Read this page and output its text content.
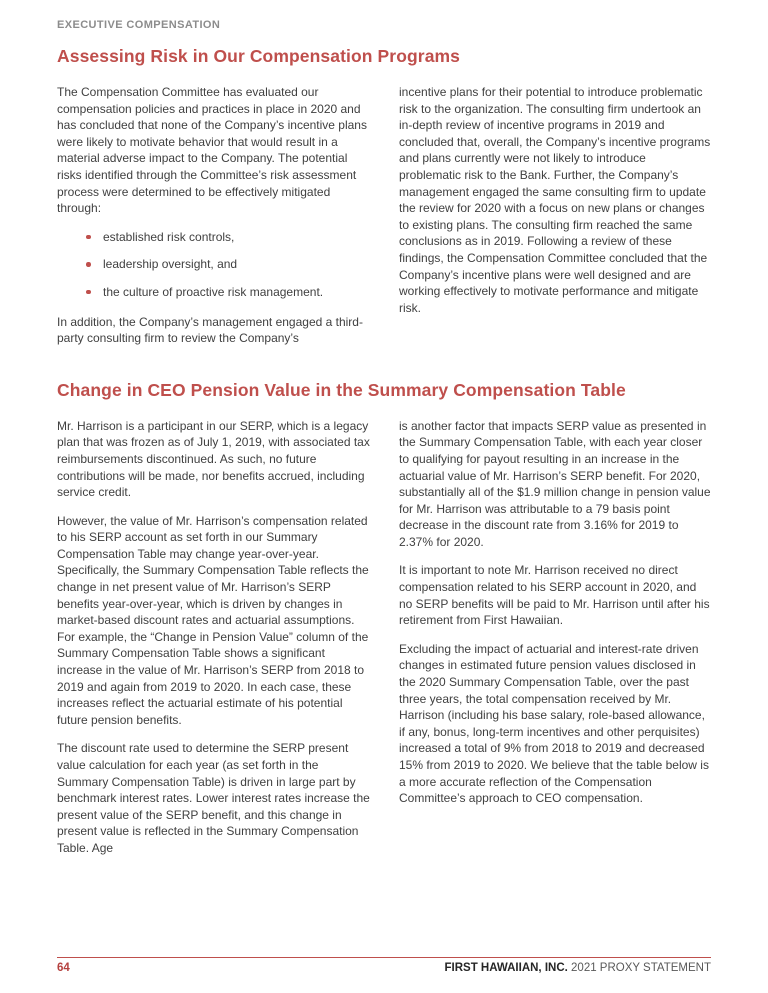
EXECUTIVE COMPENSATION
Assessing Risk in Our Compensation Programs

The Compensation Committee has evaluated our compensation policies and practices in place in 2020 and has concluded that none of the Company’s incentive plans were likely to motivate behavior that would result in a material adverse impact to the Company. The potential risks identified through the Committee’s risk assessment process were determined to be effectively mitigated through:

established risk controls,
leadership oversight, and
the culture of proactive risk management.

In addition, the Company’s management engaged a third-party consulting firm to review the Company’s

incentive plans for their potential to introduce problematic risk to the organization. The consulting firm undertook an in-depth review of incentive programs in 2019 and concluded that, overall, the Company’s incentive programs and plans currently were not likely to introduce problematic risk to the Bank. Further, the Company’s management engaged the same consulting firm to update the review for 2020 with a focus on new plans or changes to existing plans. The consulting firm reached the same conclusions as in 2019. Following a review of these findings, the Compensation Committee concluded that the Company’s incentive plans were well designed and are working effectively to motivate performance and mitigate risk.

Change in CEO Pension Value in the Summary Compensation Table

Mr. Harrison is a participant in our SERP, which is a legacy plan that was frozen as of July 1, 2019, with associated tax reimbursements discontinued. As such, no future contributions will be made, nor benefits accrued, including service credit.

However, the value of Mr. Harrison’s compensation related to his SERP account as set forth in our Summary Compensation Table may change year-over-year. Specifically, the Summary Compensation Table reflects the change in net present value of Mr. Harrison’s SERP benefits year-over-year, which is driven by changes in market-based discount rates and actuarial assumptions. For example, the “Change in Pension Value” column of the Summary Compensation Table shows a significant increase in the value of Mr. Harrison’s SERP from 2018 to 2019 and again from 2019 to 2020. In each case, these increases reflect the actuarial estimate of his potential future pension benefits.

The discount rate used to determine the SERP present value calculation for each year (as set forth in the Summary Compensation Table) is driven in large part by benchmark interest rates. Lower interest rates increase the present value of the SERP benefit, and this change in present value is reflected in the Summary Compensation Table. Age

is another factor that impacts SERP value as presented in the Summary Compensation Table, with each year closer to qualifying for payout resulting in an increase in the actuarial value of Mr. Harrison’s SERP benefit. For 2020, substantially all of the $1.9 million change in pension value for Mr. Harrison was attributable to a 79 basis point decrease in the discount rate from 3.16% for 2019 to 2.37% for 2020.

It is important to note Mr. Harrison received no direct compensation related to his SERP account in 2020, and no SERP benefits will be paid to Mr. Harrison until after his retirement from First Hawaiian.

Excluding the impact of actuarial and interest-rate driven changes in estimated future pension values disclosed in the 2020 Summary Compensation Table, over the past three years, the total compensation received by Mr. Harrison (including his base salary, role-based allowance, if any, bonus, long-term incentives and other perquisites) increased a total of 9% from 2018 to 2019 and decreased 15% from 2019 to 2020. We believe that the table below is a more accurate reflection of the Compensation Committee’s approach to CEO compensation.

64	FIRST HAWAIIAN, INC. 2021 PROXY STATEMENT
